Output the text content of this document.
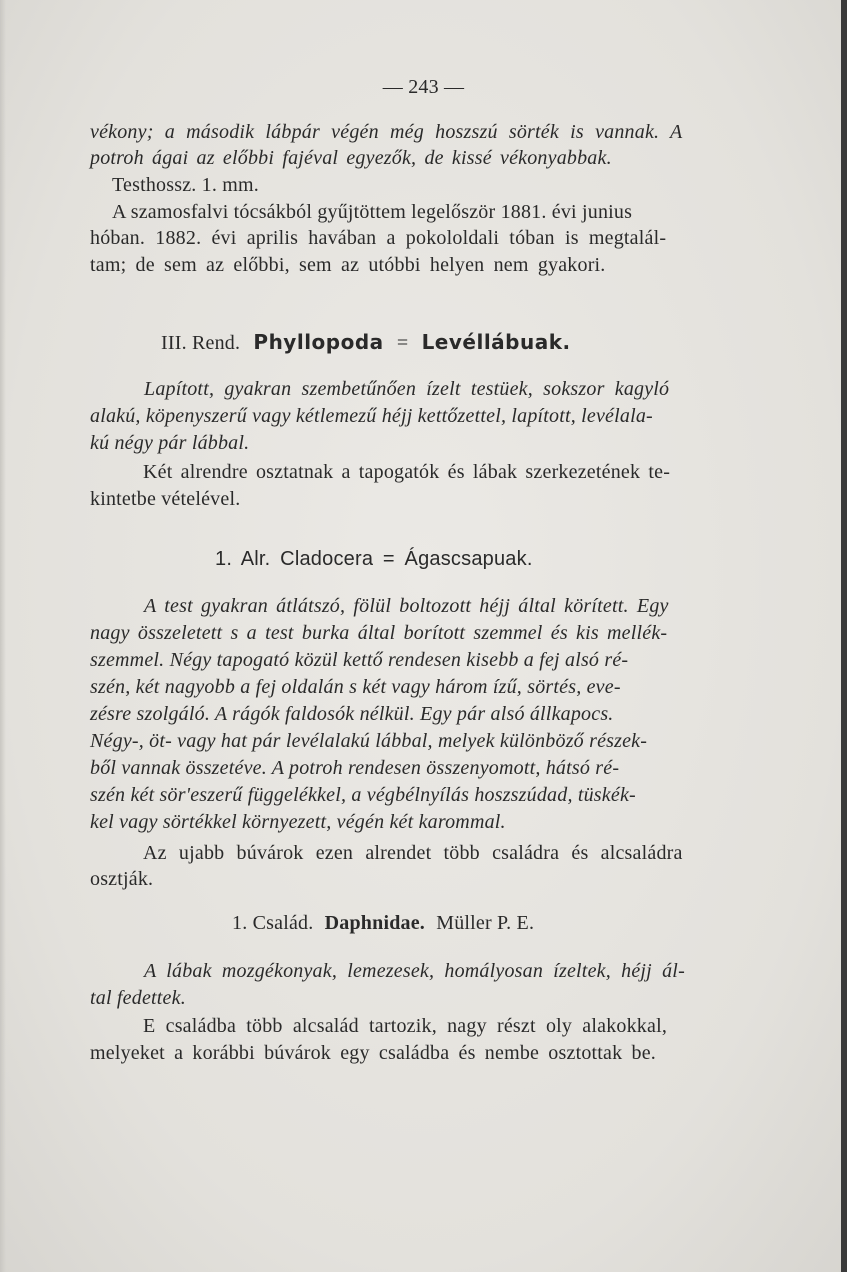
— 243 —
vékony; a második lábpár végén még hoszszú sörték is vannak. A
potroh ágai az előbbi fajéval egyezők, de kissé vékonyabbak.
Testhossz. 1. mm.
A szamosfalvi tócsákból gyűjtöttem legelőször 1881. évi junius
hóban. 1882. évi aprilis havában a pokololdali tóban is megtalál-
tam; de sem az előbbi, sem az utóbbi helyen nem gyakori.
III. Rend. Phyllopoda = Levéllábuak.
Lapított, gyakran szembetűnően ízelt testüek, sokszor kagyló
alakú, köpenyszerű vagy kétlemezű héjj kettőzettel, lapított, levélala-
kú négy pár lábbal.
Két alrendre osztatnak a tapogatók és lábak szerkezetének te-
kintetbe vételével.
1. Alr. Cladocera = Ágascsapuak.
A test gyakran átlátszó, fölül boltozott héjj által körített. Egy
nagy összeletett s a test burka által borított szemmel és kis mellék-
szemmel. Négy tapogató közül kettő rendesen kisebb a fej alsó ré-
szén, két nagyobb a fej oldalán s két vagy három ízű, sörtés, eve-
zésre szolgáló. A rágók faldosók nélkül. Egy pár alsó állkapocs.
Négy-, öt- vagy hat pár levélalakú lábbal, melyek különböző részek-
ből vannak összetéve. A potroh rendesen összenyomott, hátsó ré-
szén két sör'eszerű függelékkel, a végbélnyílás hoszszúdad, tüskék-
kel vagy sörtékkel környezett, végén két karommal.
Az ujabb búvárok ezen alrendet több családra és alcsaládra
osztják.
1. Család. Daphnidae. Müller P. E.
A lábak mozgékonyak, lemezesek, homályosan ízeltek, héjj ál-
tal fedettek.
E családba több alcsalád tartozik, nagy részt oly alakokkal,
melyeket a korábbi búvárok egy családba és nembe osztottak be.
